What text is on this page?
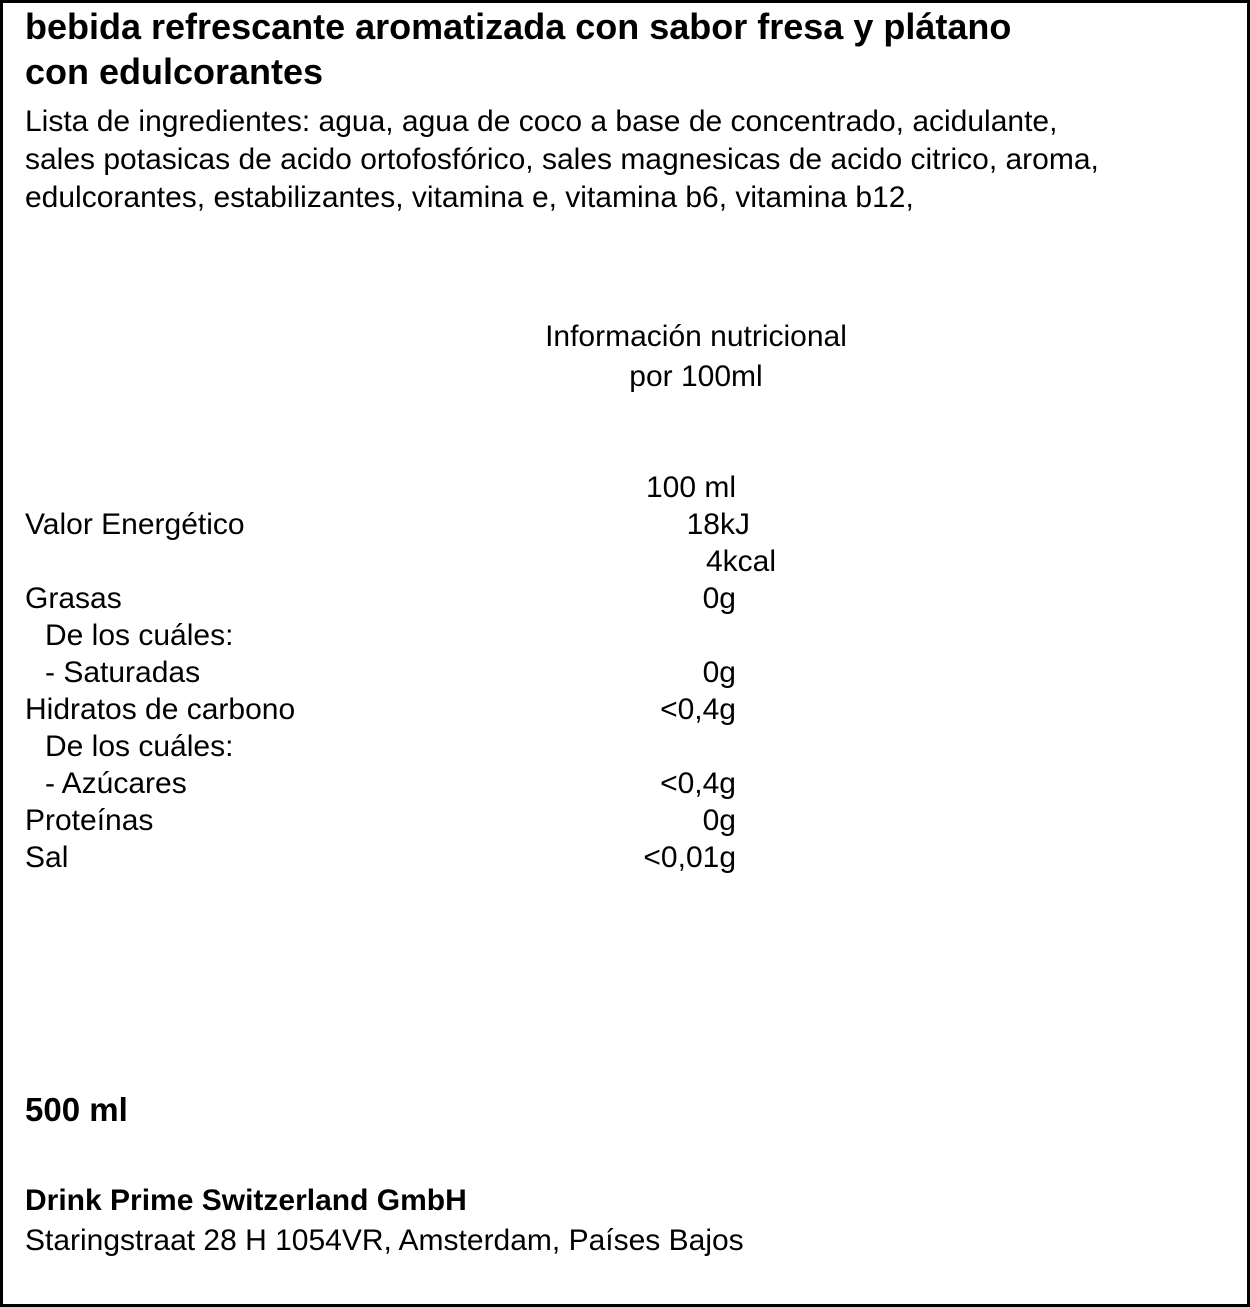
bebida refrescante aromatizada con sabor fresa y plátano
con edulcorantes
Lista de ingredientes: agua, agua de coco a base de concentrado, acidulante,
sales potasicas de acido ortofosfórico, sales magnesicas de acido citrico, aroma,
edulcorantes, estabilizantes, vitamina e, vitamina b6, vitamina b12,
Información nutricional
por 100ml
100 ml
Valor Energético	18kJ
4kcal
Grasas	0g
De los cuáles:
- Saturadas	0g
Hidratos de carbono	<0,4g
De los cuáles:
- Azúcares	<0,4g
Proteínas	0g
Sal	<0,01g
500 ml
Drink Prime Switzerland GmbH
Staringstraat 28 H 1054VR, Amsterdam, Países Bajos
